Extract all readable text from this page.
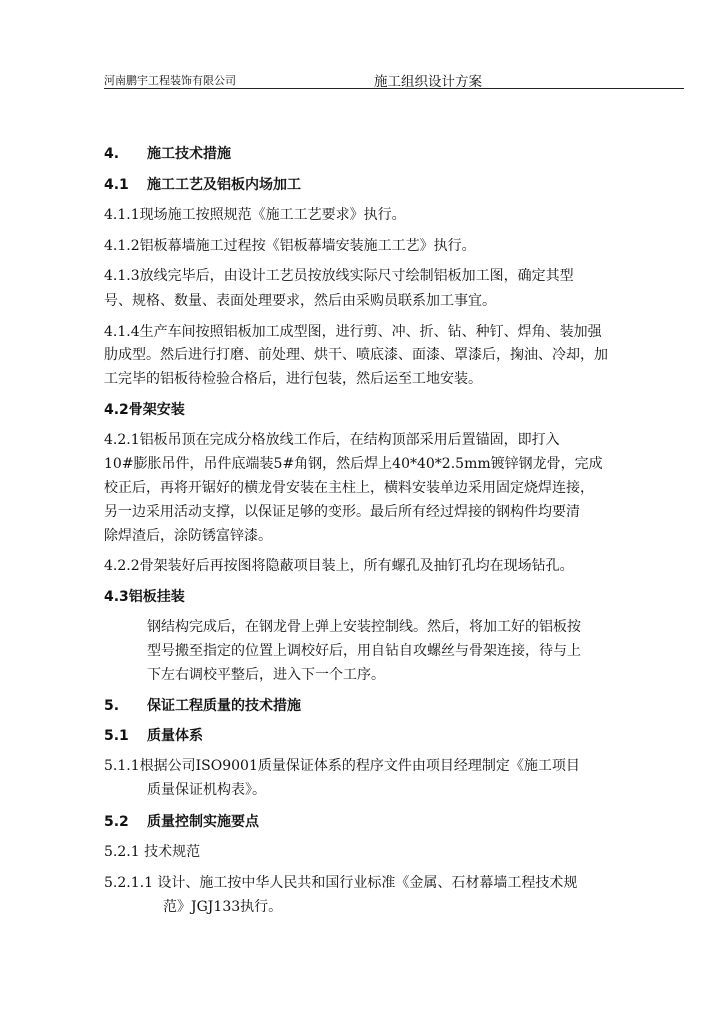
河南鹏宇工程装饰有限公司	施工组织设计方案
4. 施工技术措施
4.1 施工工艺及铝板内场加工
4.1.1现场施工按照规范《施工工艺要求》执行。
4.1.2铝板幕墙施工过程按《铝板幕墙安装施工工艺》执行。
4.1.3放线完毕后，由设计工艺员按放线实际尺寸绘制铝板加工图，确定其型
号、规格、数量、表面处理要求，然后由采购员联系加工事宜。
4.1.4生产车间按照铝板加工成型图，进行剪、冲、折、钻、种钉、焊角、装加强
肋成型。然后进行打磨、前处理、烘干、喷底漆、面漆、罩漆后，掬油、冷却，加
工完毕的铝板待检验合格后，进行包装，然后运至工地安装。
4.2骨架安装
4.2.1铝板吊顶在完成分格放线工作后，在结构顶部采用后置锚固，即打入
10#膨胀吊件，吊件底端装5#角钢，然后焊上40*40*2.5mm镀锌钢龙骨，完成
校正后，再将开锯好的横龙骨安装在主柱上，横料安装单边采用固定烧焊连接，
另一边采用活动支撑，以保证足够的变形。最后所有经过焊接的钢构件均要清
除焊渣后，涂防锈富锌漆。
4.2.2骨架装好后再按图将隐蔽项目装上，所有螺孔及抽钉孔均在现场钻孔。
4.3铝板挂装
钢结构完成后，在钢龙骨上弹上安装控制线。然后，将加工好的铝板按
型号搬至指定的位置上调校好后，用自钻自攻螺丝与骨架连接，待与上
下左右调校平整后，进入下一个工序。
5. 保证工程质量的技术措施
5.1 质量体系
5.1.1根据公司ISO9001质量保证体系的程序文件由项目经理制定《施工项目
质量保证机构表》。
5.2 质量控制实施要点
5.2.1 技术规范
5.2.1.1 设计、施工按中华人民共和国行业标准《金属、石材幕墙工程技术规
范》JGJ133执行。
